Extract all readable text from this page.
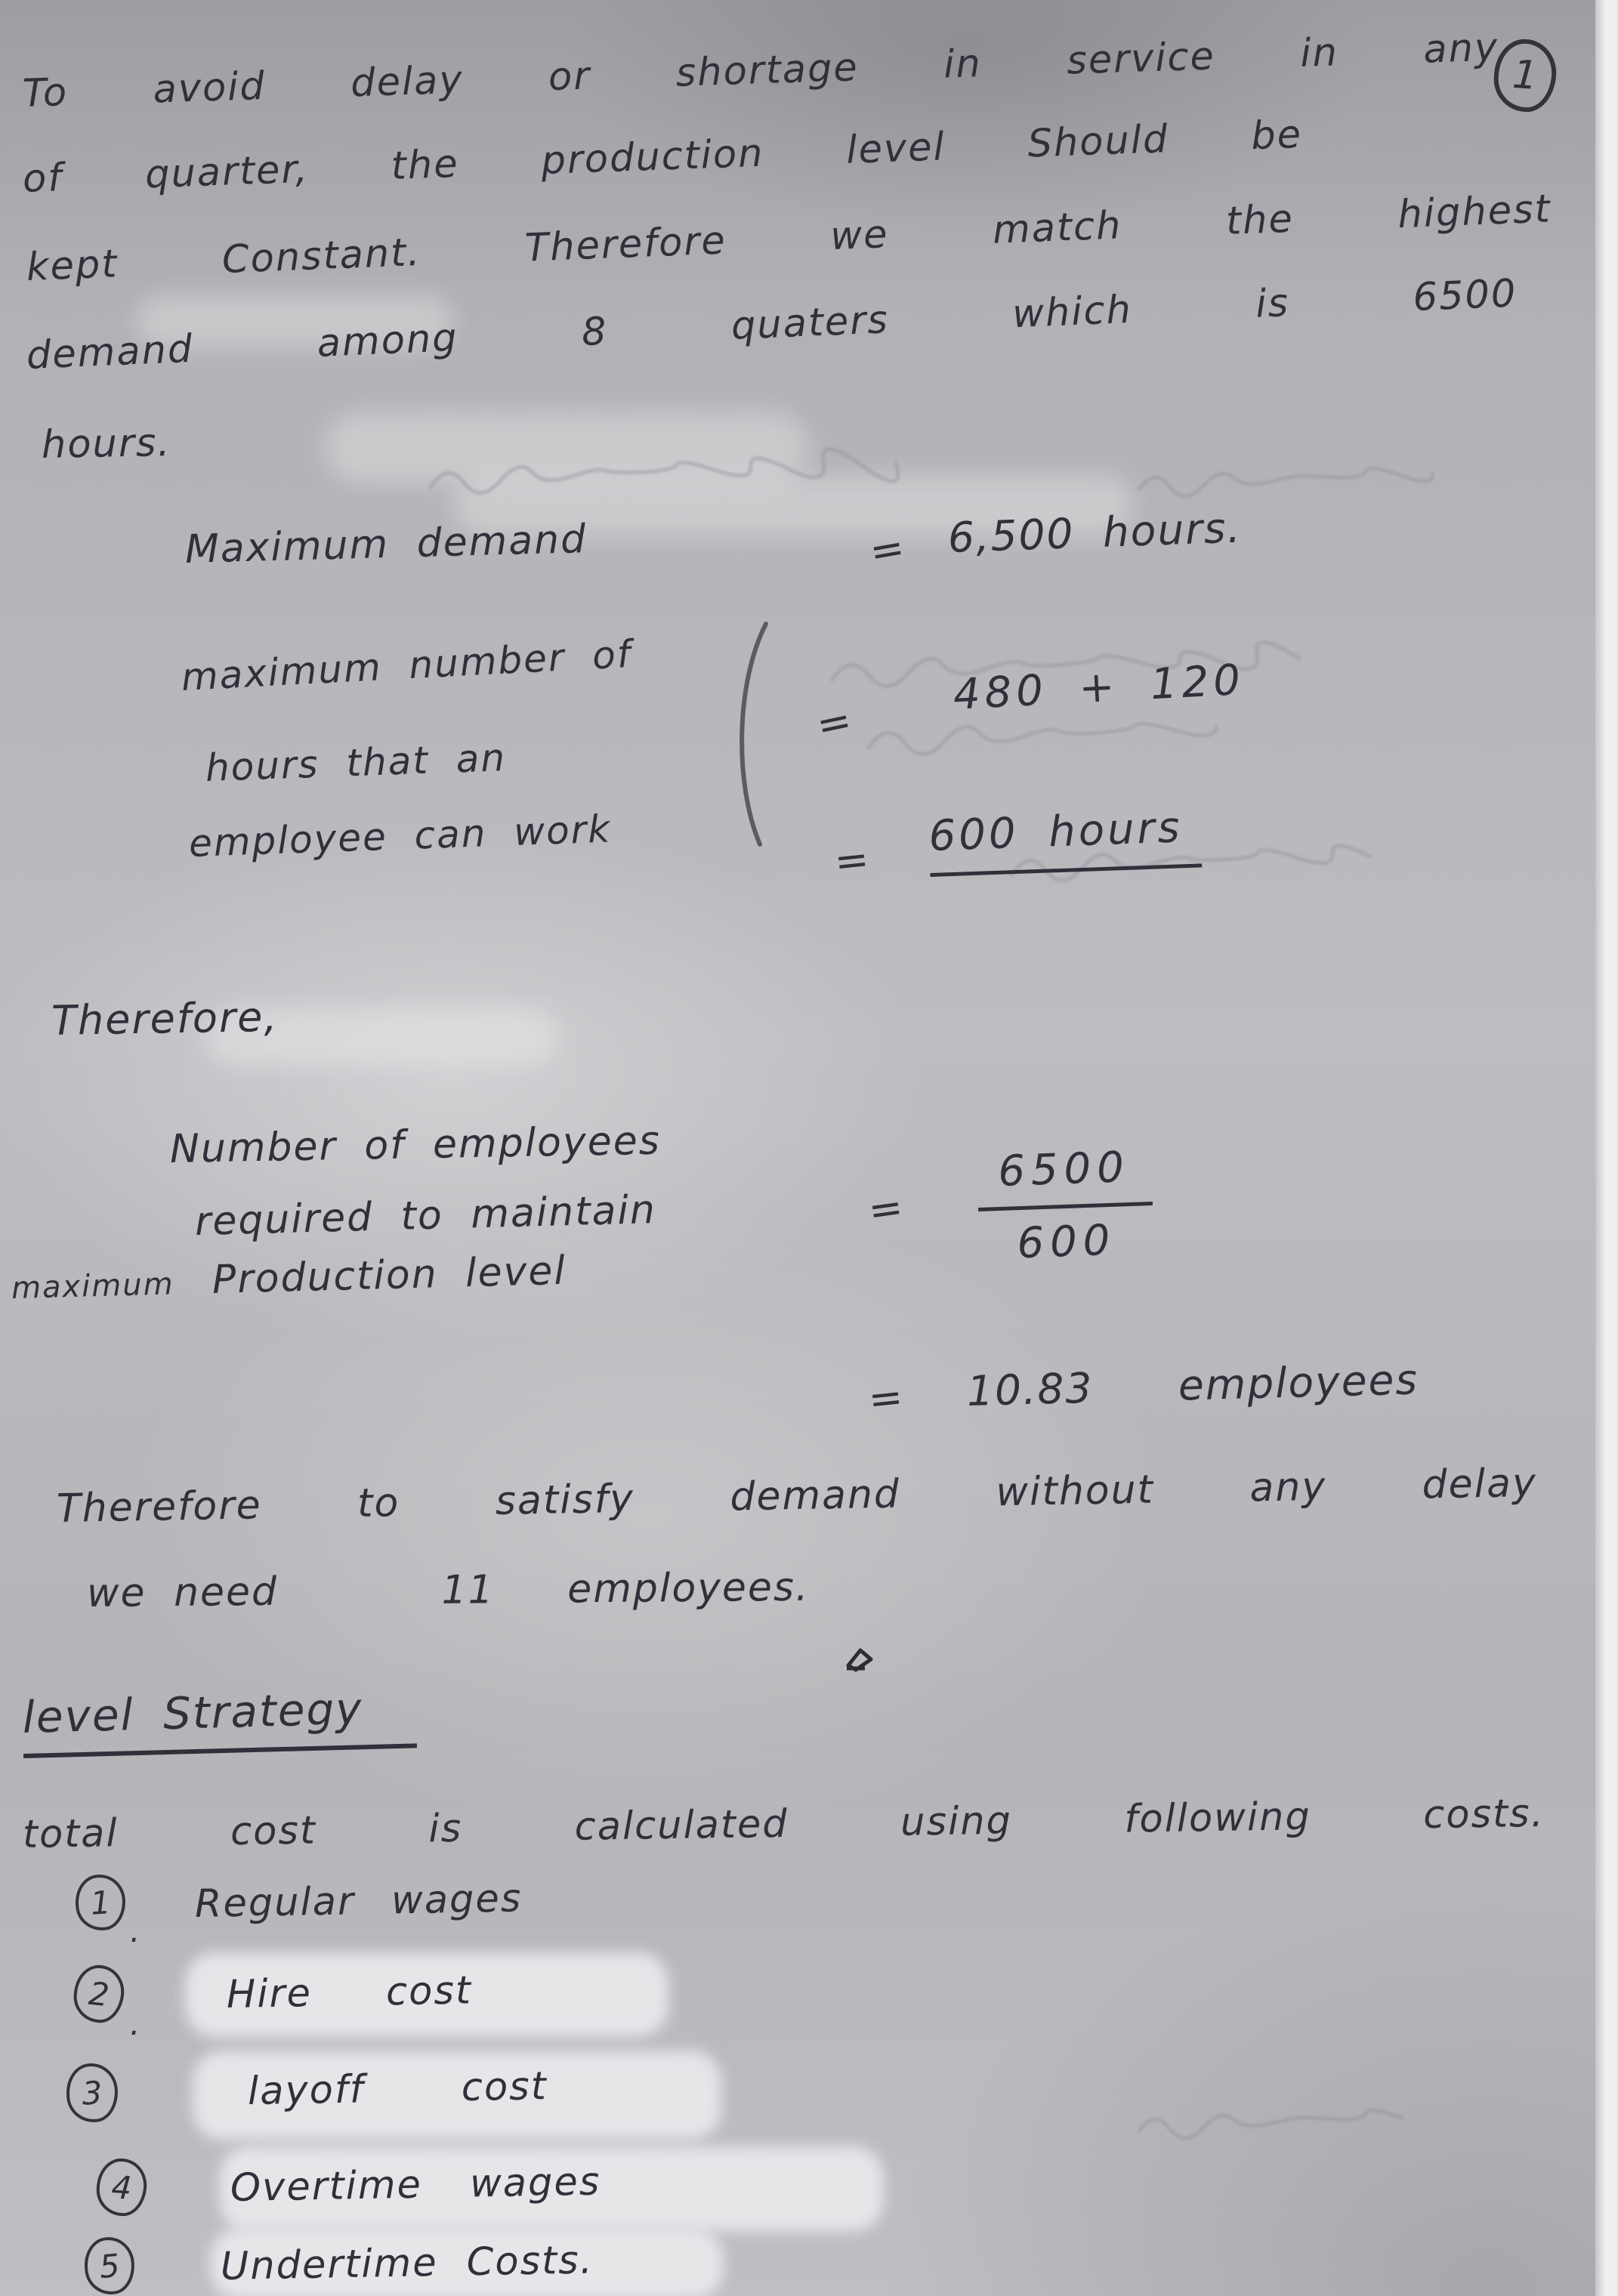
1
To avoid delay or shortage in service in any
of quarter, the production level Should be
kept Constant. Therefore we match the highest
demand among 8 quaters which is 6500
hours.
Maximum demand	= 6,500 hours.
maximum number of
hours that an
employee can work
=
480 + 120
= 600 hours
Therefore,
Number of employees
required to maintain
maximum Production level
= $\frac{6500}{600}$
= 10.83 employees
Therefore to satisfy demand without any delay
we need	11 employees.
level Strategy
total cost is calculated using following costs.
1
.
Regular wages
2
.
Hire cost
3	layoff cost
4	Overtime wages
5	Undertime Costs.
